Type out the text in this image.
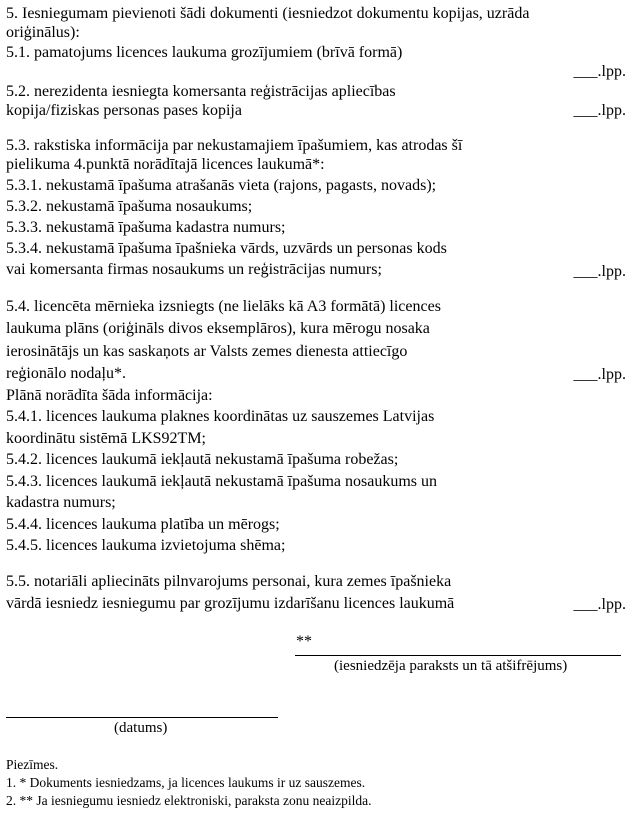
5. Iesniegumam pievienoti šādi dokumenti (iesniedzot dokumentu kopijas, uzrāda
oriģinālus):
5.1. pamatojums licences laukuma grozījumiem (brīvā formā)
___.lpp.
5.2. nerezidenta iesniegta komersanta reģistrācijas apliecības
kopija/fiziskas personas pases kopija	___.lpp.
5.3. rakstiska informācija par nekustamajiem īpašumiem, kas atrodas šī
pielikuma 4.punktā norādītajā licences laukumā*:
5.3.1. nekustamā īpašuma atrašanās vieta (rajons, pagasts, novads);
5.3.2. nekustamā īpašuma nosaukums;
5.3.3. nekustamā īpašuma kadastra numurs;
5.3.4. nekustamā īpašuma īpašnieka vārds, uzvārds un personas kods
vai komersanta firmas nosaukums un reģistrācijas numurs;	___.lpp.
5.4. licencēta mērnieka izsniegts (ne lielāks kā A3 formātā) licences
laukuma plāns (oriģināls divos eksemplāros), kura mērogu nosaka
ierosinātājs un kas saskaņots ar Valsts zemes dienesta attiecīgo
reģionālo nodaļu*.	___.lpp.
Plānā norādīta šāda informācija:
5.4.1. licences laukuma plaknes koordinātas uz sauszemes Latvijas
koordinātu sistēmā LKS92TM;
5.4.2. licences laukumā iekļautā nekustamā īpašuma robežas;
5.4.3. licences laukumā iekļautā nekustamā īpašuma nosaukums un
kadastra numurs;
5.4.4. licences laukuma platība un mērogs;
5.4.5. licences laukuma izvietojuma shēma;
5.5. notariāli apliecināts pilnvarojums personai, kura zemes īpašnieka
vārdā iesniedz iesniegumu par grozījumu izdarīšanu licences laukumā	___.lpp.
**
(iesniedzēja paraksts un tā atšifrējums)
(datums)
Piezīmes.
1. * Dokuments iesniedzams, ja licences laukums ir uz sauszemes.
2. ** Ja iesniegumu iesniedz elektroniski, paraksta zonu neaizpilda.
